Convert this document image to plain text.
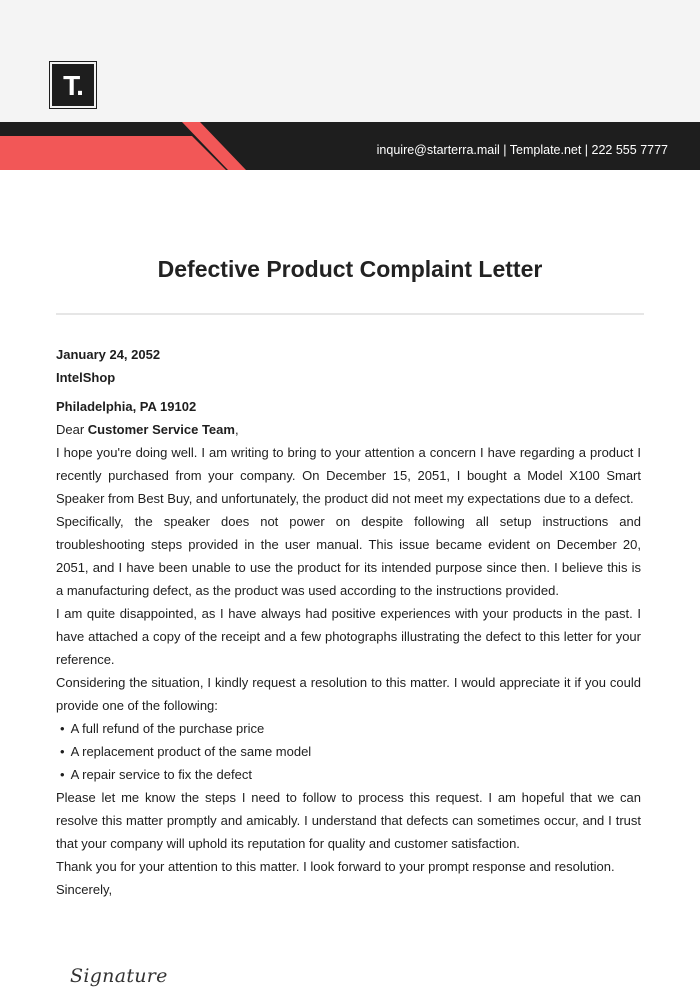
T.
inquire@starterra.mail | Template.net | 222 555 7777
Defective Product Complaint Letter

January 24, 2052

IntelShop

Philadelphia, PA 19102

Dear Customer Service Team,

I hope you're doing well. I am writing to bring to your attention a concern I have regarding a product I recently purchased from your company. On December 15, 2051, I bought a Model X100 Smart Speaker from Best Buy, and unfortunately, the product did not meet my expectations due to a defect.

Specifically, the speaker does not power on despite following all setup instructions and troubleshooting steps provided in the user manual. This issue became evident on December 20, 2051, and I have been unable to use the product for its intended purpose since then. I believe this is a manufacturing defect, as the product was used according to the instructions provided.

I am quite disappointed, as I have always had positive experiences with your products in the past. I have attached a copy of the receipt and a few photographs illustrating the defect to this letter for your reference.

Considering the situation, I kindly request a resolution to this matter. I would appreciate it if you could provide one of the following:

• A full refund of the purchase price
• A replacement product of the same model
• A repair service to fix the defect

Please let me know the steps I need to follow to process this request. I am hopeful that we can resolve this matter promptly and amicably. I understand that defects can sometimes occur, and I trust that your company will uphold its reputation for quality and customer satisfaction.

Thank you for your attention to this matter. I look forward to your prompt response and resolution.

Sincerely,

Signature
